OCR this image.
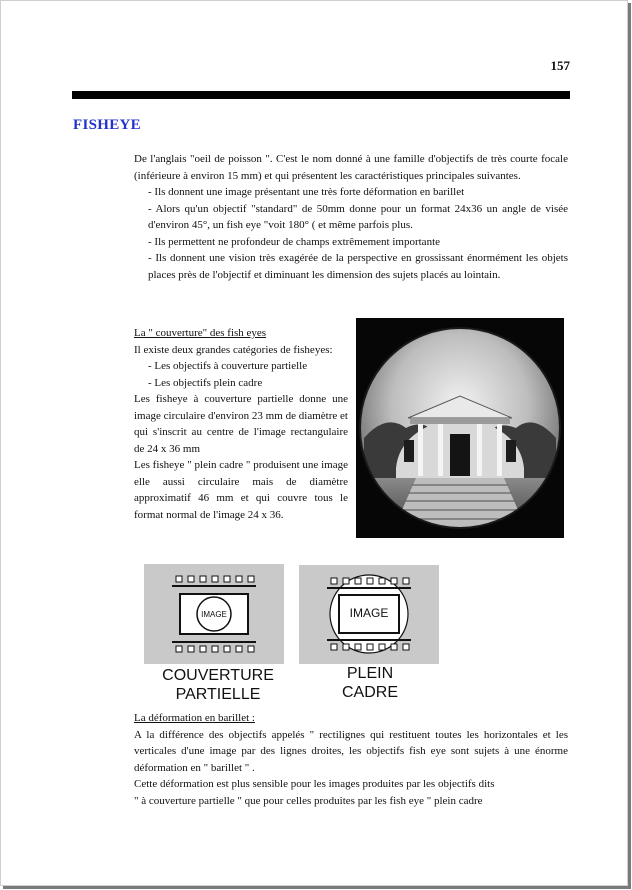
157
FISHEYE
De l'anglais "oeil de poisson ". C'est le nom donné à une famille d'objectifs de très courte focale (inférieure à environ 15 mm) et qui présentent les caractéristiques principales suivantes.
- Ils donnent une image présentant une très forte déformation en barillet
- Alors qu'un objectif "standard" de 50mm donne pour un format 24x36 un angle de visée d'environ 45°, un fish eye "voit 180° ( et même parfois plus.
- Ils permettent ne profondeur de champs extrêmement importante
- Ils donnent une vision très exagérée de la perspective en grossissant énormément les objets places près de l'objectif et diminuant les dimension des sujets placés au lointain.
La " couverture" des fish eyes
Il existe deux grandes catégories de fisheyes:
- Les objectifs à couverture partielle
- Les objectifs plein cadre
Les fisheye à couverture partielle donne une image circulaire d'environ 23 mm de diamètre et qui s'inscrit au centre de l'image rectangulaire de 24 x 36 mm
Les fisheye " plein cadre " produisent une image elle aussi circulaire mais de diamètre approximatif 46 mm et qui couvre tous le format normal de l'image 24 x 36.
IMAGE	IMAGE
COUVERTURE
PARTIELLE
PLEIN
CADRE
La déformation en barillet :
A la différence des objectifs appelés " rectilignes qui restituent toutes les horizontales et les verticales d'une image par des lignes droites, les objectifs fish eye sont sujets à une énorme déformation en " barillet " .
Cette déformation est plus sensible pour les images produites par les objectifs dits
" à couverture partielle " que pour celles produites par les fish eye " plein cadre
